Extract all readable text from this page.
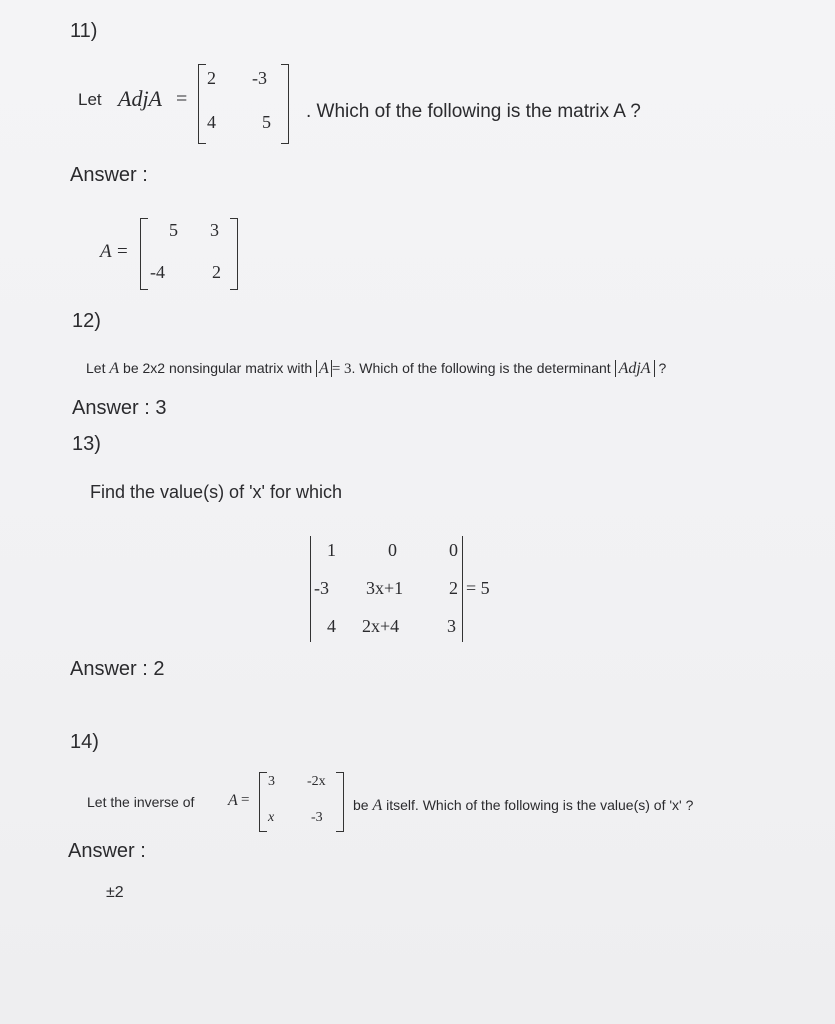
11)
Let AdjA =
2 -3
4	5 . Which of the following is the matrix A ?
Answer :
A =
5 3
-4	2
12)
Let A be 2x2 nonsingular matrix with A = 3. Which of the following is the determinant AdjA ?
Answer : 3
13)
Find the value(s) of 'x' for which
1	0	0
-3 3x+1	2
4 2x+4	3
= 5
Answer : 2
14)
Let the inverse of A =
3 -2x
x	-3
be A itself. Which of the following is the value(s) of 'x' ?
Answer :
±2
